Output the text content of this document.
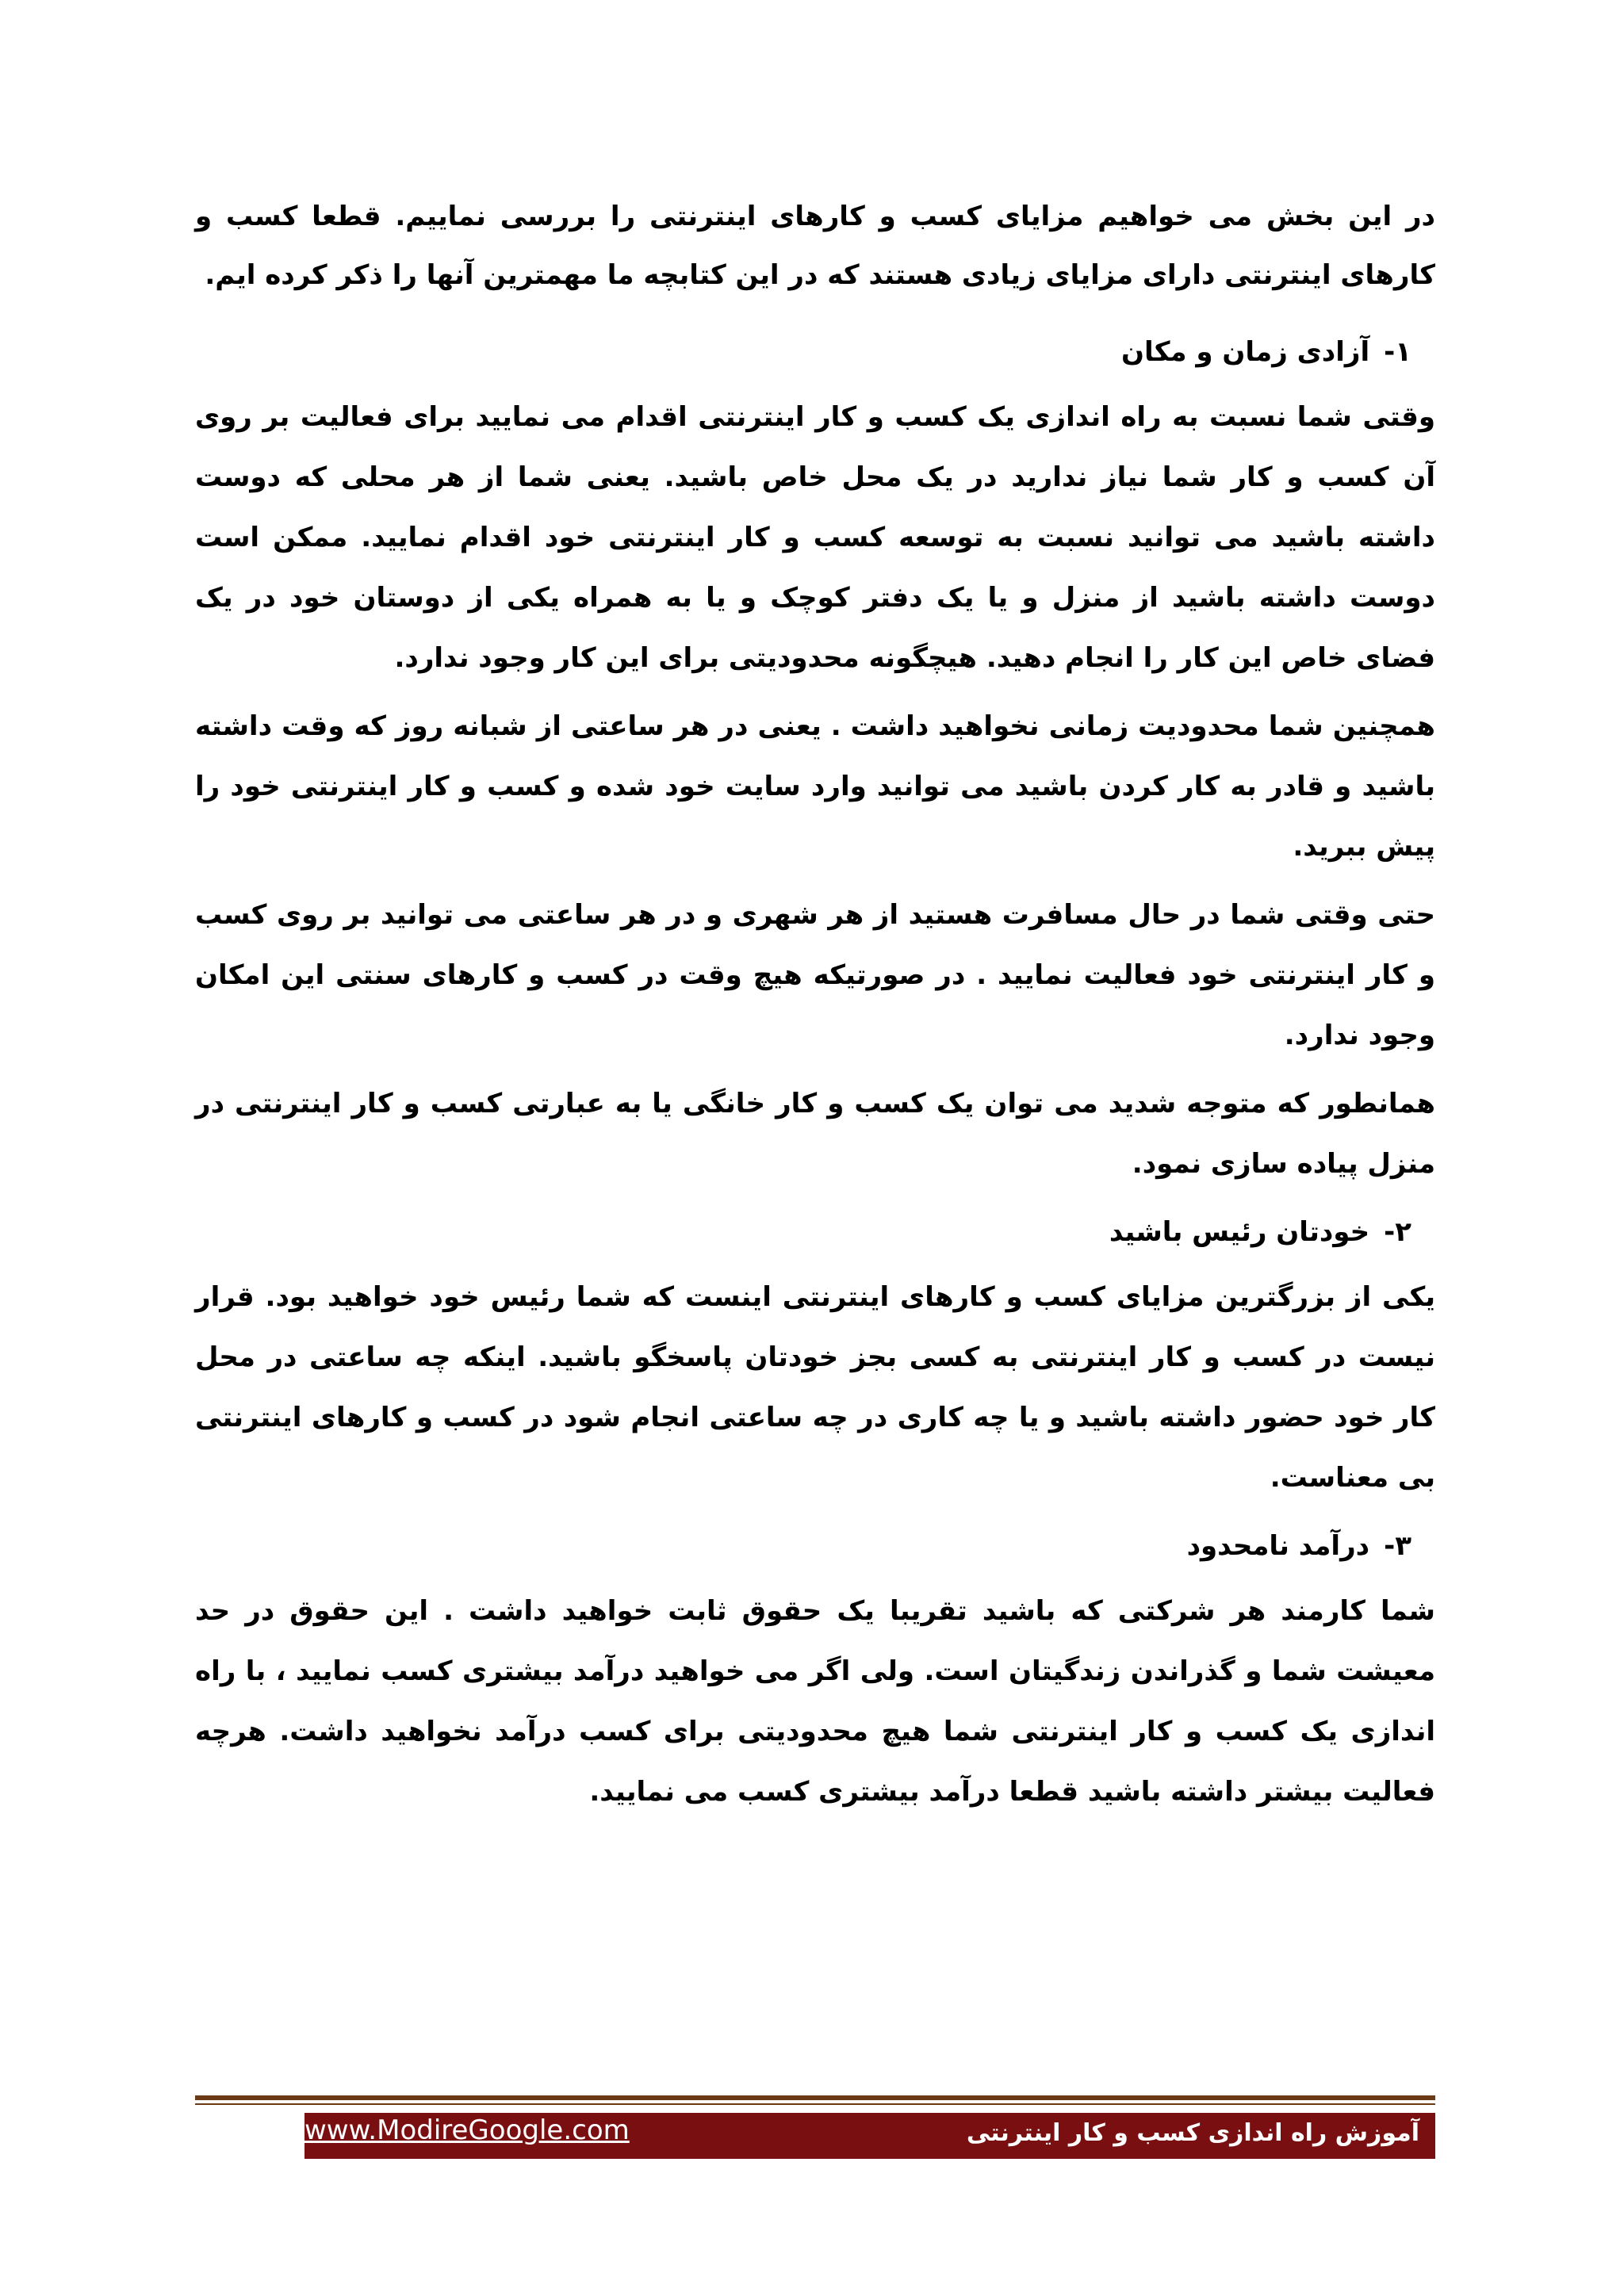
در این بخش می خواهیم مزایای کسب و کارهای اینترنتی را بررسی نماییم. قطعا کسب و کارهای اینترنتی دارای مزایای زیادی هستند که در این کتابچه ما مهمترین آنها را ذکر کرده ایم.

۱-آزادی زمان و مکان

وقتی شما نسبت به راه اندازی یک کسب و کار اینترنتی اقدام می نمایید برای فعالیت بر روی آن کسب و کار شما نیاز ندارید در یک محل خاص باشید. یعنی شما از هر محلی که دوست داشته باشید می توانید نسبت به توسعه کسب و کار اینترنتی خود اقدام نمایید. ممکن است دوست داشته باشید از منزل و یا یک دفتر کوچک و یا به همراه یکی از دوستان خود در یک فضای خاص این کار را انجام دهید. هیچگونه محدودیتی برای این کار وجود ندارد.

همچنین شما محدودیت زمانی نخواهید داشت . یعنی در هر ساعتی از شبانه روز که وقت داشته باشید و قادر به کار کردن باشید می توانید وارد سایت خود شده و کسب و کار اینترنتی خود را پیش ببرید.

حتی وقتی شما در حال مسافرت هستید از هر شهری و در هر ساعتی می توانید بر روی کسب و کار اینترنتی خود فعالیت نمایید . در صورتیکه هیچ وقت در کسب و کارهای سنتی این امکان وجود ندارد.

همانطور که متوجه شدید می توان یک کسب و کار خانگی یا به عبارتی کسب و کار اینترنتی در منزل پیاده سازی نمود.

۲-خودتان رئیس باشید

یکی از بزرگترین مزایای کسب و کارهای اینترنتی اینست که شما رئیس خود خواهید بود. قرار نیست در کسب و کار اینترنتی به کسی بجز خودتان پاسخگو باشید. اینکه چه ساعتی در محل کار خود حضور داشته باشید و یا چه کاری در چه ساعتی انجام شود در کسب و کارهای اینترنتی بی معناست.

۳-درآمد نامحدود

شما کارمند هر شرکتی که باشید تقریبا یک حقوق ثابت خواهید داشت . این حقوق در حد معیشت شما و گذراندن زندگیتان است. ولی اگر می خواهید درآمد بیشتری کسب نمایید ، با راه اندازی یک کسب و کار اینترنتی شما هیچ محدودیتی برای کسب درآمد نخواهید داشت. هرچه فعالیت بیشتر داشته باشید قطعا درآمد بیشتری کسب می نمایید.

آموزش راه اندازی کسب و کار اینترنتی
www.ModireGoogle.com
